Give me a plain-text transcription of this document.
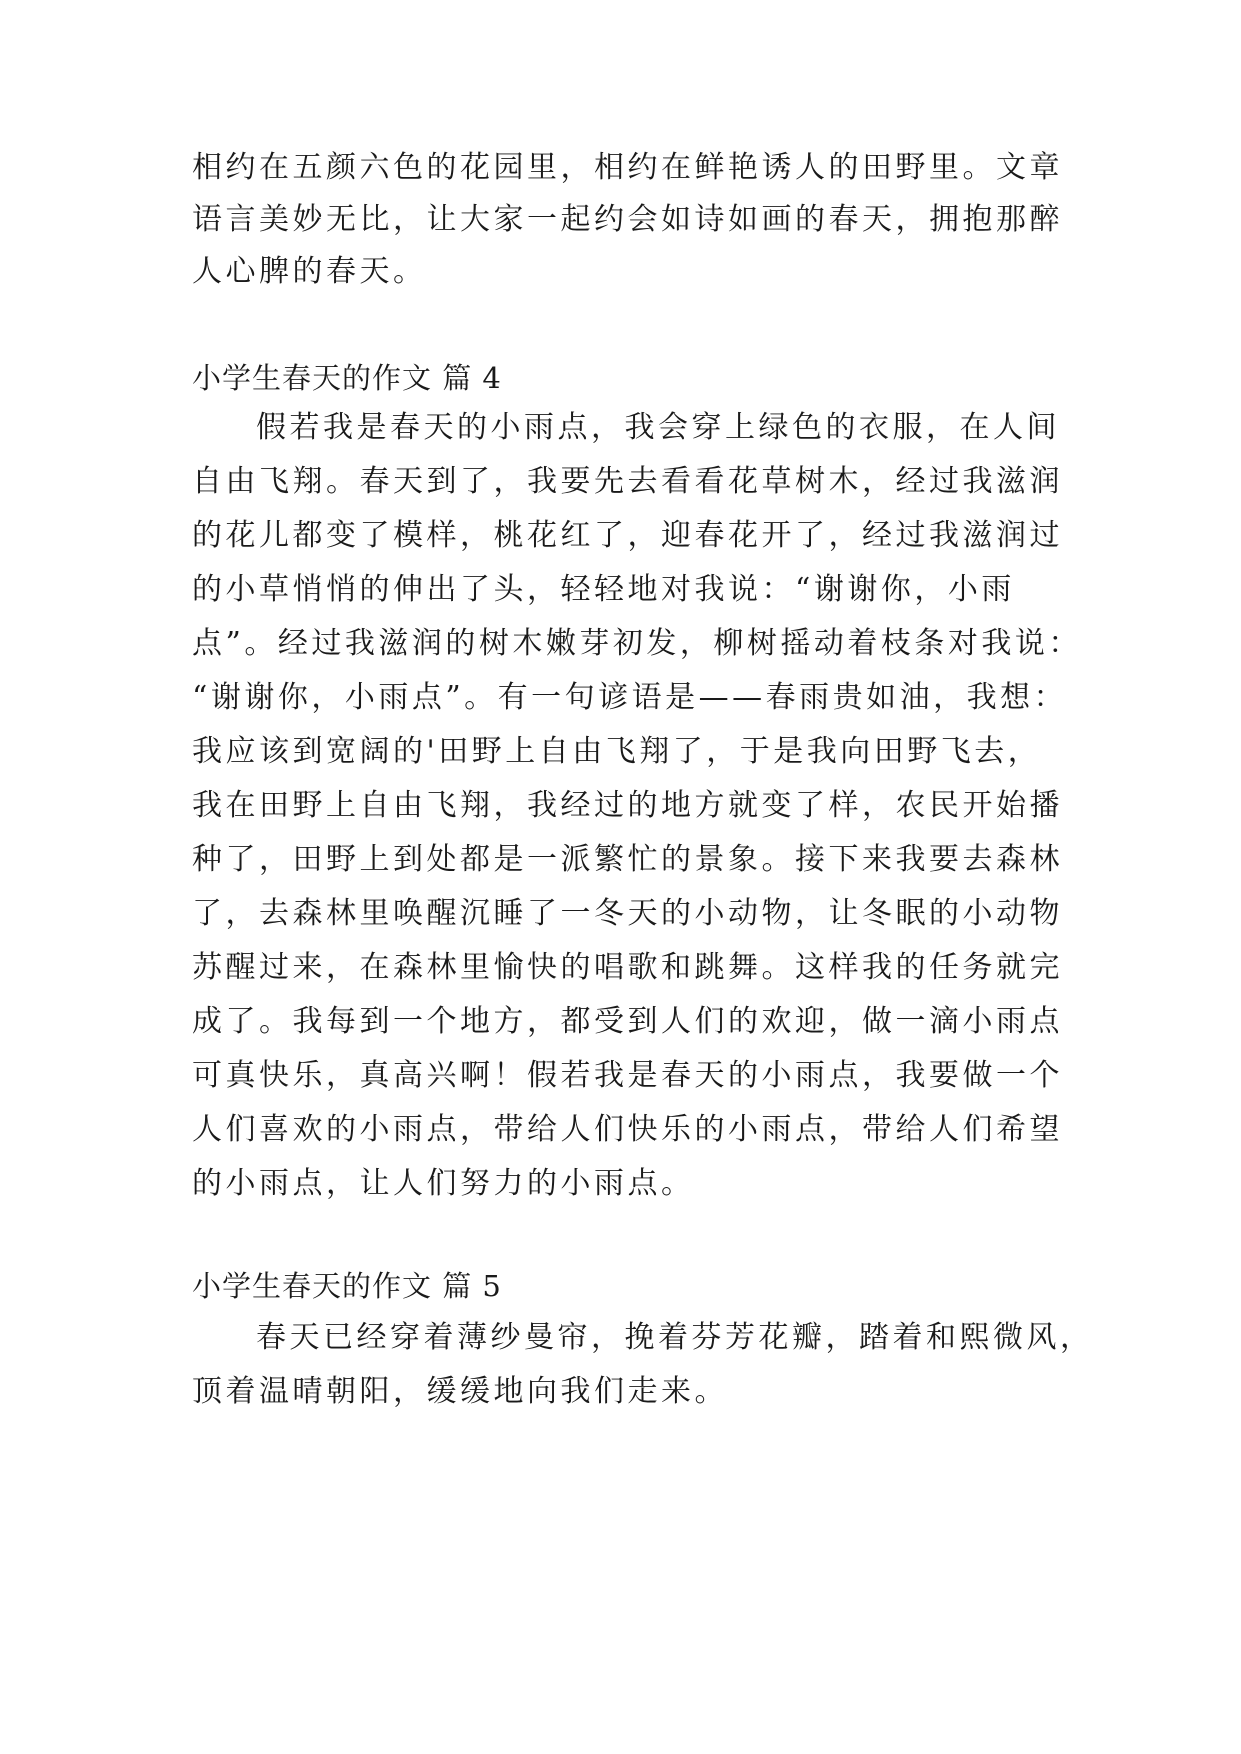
相约在五颜六色的花园里，相约在鲜艳诱人的田野里。文章
语言美妙无比，让大家一起约会如诗如画的春天，拥抱那醉
人心脾的春天。
小学生春天的作文 篇 4
假若我是春天的小雨点，我会穿上绿色的衣服，在人间
自由飞翔。春天到了，我要先去看看花草树木，经过我滋润
的花儿都变了模样，桃花红了，迎春花开了，经过我滋润过
的小草悄悄的伸出了头，轻轻地对我说：“谢谢你，小雨
点”。经过我滋润的树木嫩芽初发，柳树摇动着枝条对我说：
“谢谢你，小雨点”。有一句谚语是——春雨贵如油，我想：
我应该到宽阔的'田野上自由飞翔了，于是我向田野飞去，
我在田野上自由飞翔，我经过的地方就变了样，农民开始播
种了，田野上到处都是一派繁忙的景象。接下来我要去森林
了，去森林里唤醒沉睡了一冬天的小动物，让冬眠的小动物
苏醒过来，在森林里愉快的唱歌和跳舞。这样我的任务就完
成了。我每到一个地方，都受到人们的欢迎，做一滴小雨点
可真快乐，真高兴啊！假若我是春天的小雨点，我要做一个
人们喜欢的小雨点，带给人们快乐的小雨点，带给人们希望
的小雨点，让人们努力的小雨点。
小学生春天的作文 篇 5
春天已经穿着薄纱曼帘，挽着芬芳花瓣，踏着和熙微风，
顶着温晴朝阳，缓缓地向我们走来。
